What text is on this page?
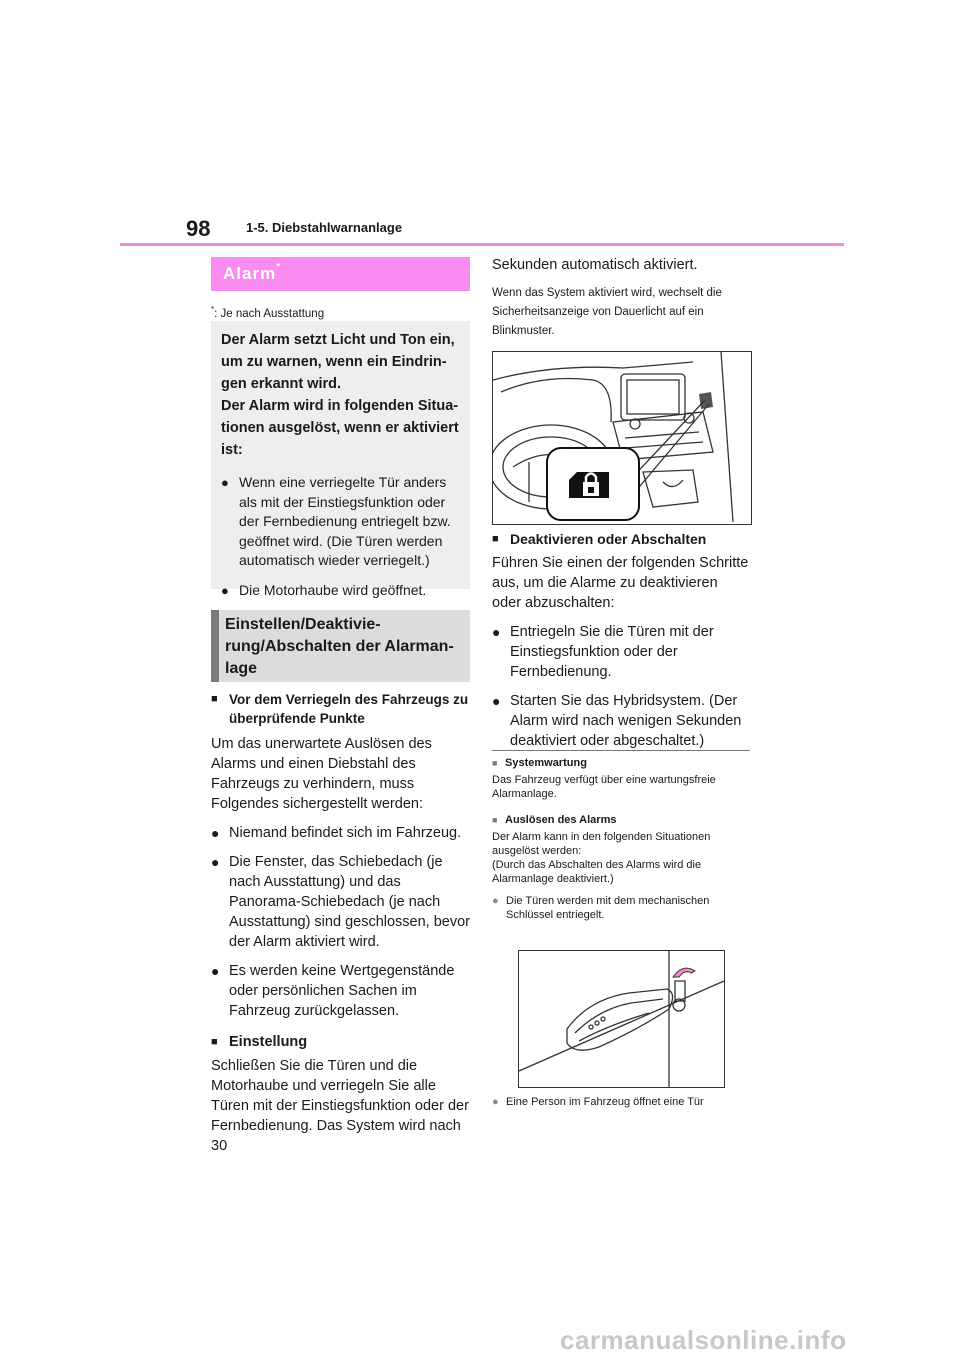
98	1-5. Diebstahlwarnanlage
Alarm*
*: Je nach Ausstattung
Der Alarm setzt Licht und Ton ein,
um zu warnen, wenn ein Eindrin-
gen erkannt wird.
Der Alarm wird in folgenden Situa-
tionen ausgelöst, wenn er aktiviert
ist:
● Wenn eine verriegelte Tür anders als mit der Einstiegsfunktion oder der Fernbedienung entriegelt bzw. geöffnet wird. (Die Türen werden automatisch wieder verriegelt.)
● Die Motorhaube wird geöffnet.
Einstellen/Deaktivie-
rung/Abschalten der Alarman-
lage
■ Vor dem Verriegeln des Fahrzeugs zu überprüfende Punkte
Um das unerwartete Auslösen des Alarms und einen Diebstahl des Fahrzeugs zu verhindern, muss Folgendes sichergestellt werden:
● Niemand befindet sich im Fahrzeug.
● Die Fenster, das Schiebedach (je nach Ausstattung) und das Panorama-Schiebedach (je nach Ausstattung) sind geschlossen, bevor der Alarm aktiviert wird.
● Es werden keine Wertgegenstände oder persönlichen Sachen im Fahrzeug zurückgelassen.
■ Einstellung
Schließen Sie die Türen und die Motorhaube und verriegeln Sie alle Türen mit der Einstiegsfunktion oder der Fernbedienung. Das System wird nach 30
Sekunden automatisch aktiviert.
Wenn das System aktiviert wird, wechselt die Sicherheitsanzeige von Dauerlicht auf ein Blinkmuster.
■ Deaktivieren oder Abschalten
Führen Sie einen der folgenden Schritte aus, um die Alarme zu deaktivieren oder abzuschalten:
● Entriegeln Sie die Türen mit der Einstiegsfunktion oder der Fernbedienung.
● Starten Sie das Hybridsystem. (Der Alarm wird nach wenigen Sekunden deaktiviert oder abgeschaltet.)
■ Systemwartung
Das Fahrzeug verfügt über eine wartungsfreie Alarmanlage.
■ Auslösen des Alarms
Der Alarm kann in den folgenden Situationen ausgelöst werden:
(Durch das Abschalten des Alarms wird die Alarmanlage deaktiviert.)
● Die Türen werden mit dem mechanischen Schlüssel entriegelt.
● Eine Person im Fahrzeug öffnet eine Tür
carmanualsonline.info
